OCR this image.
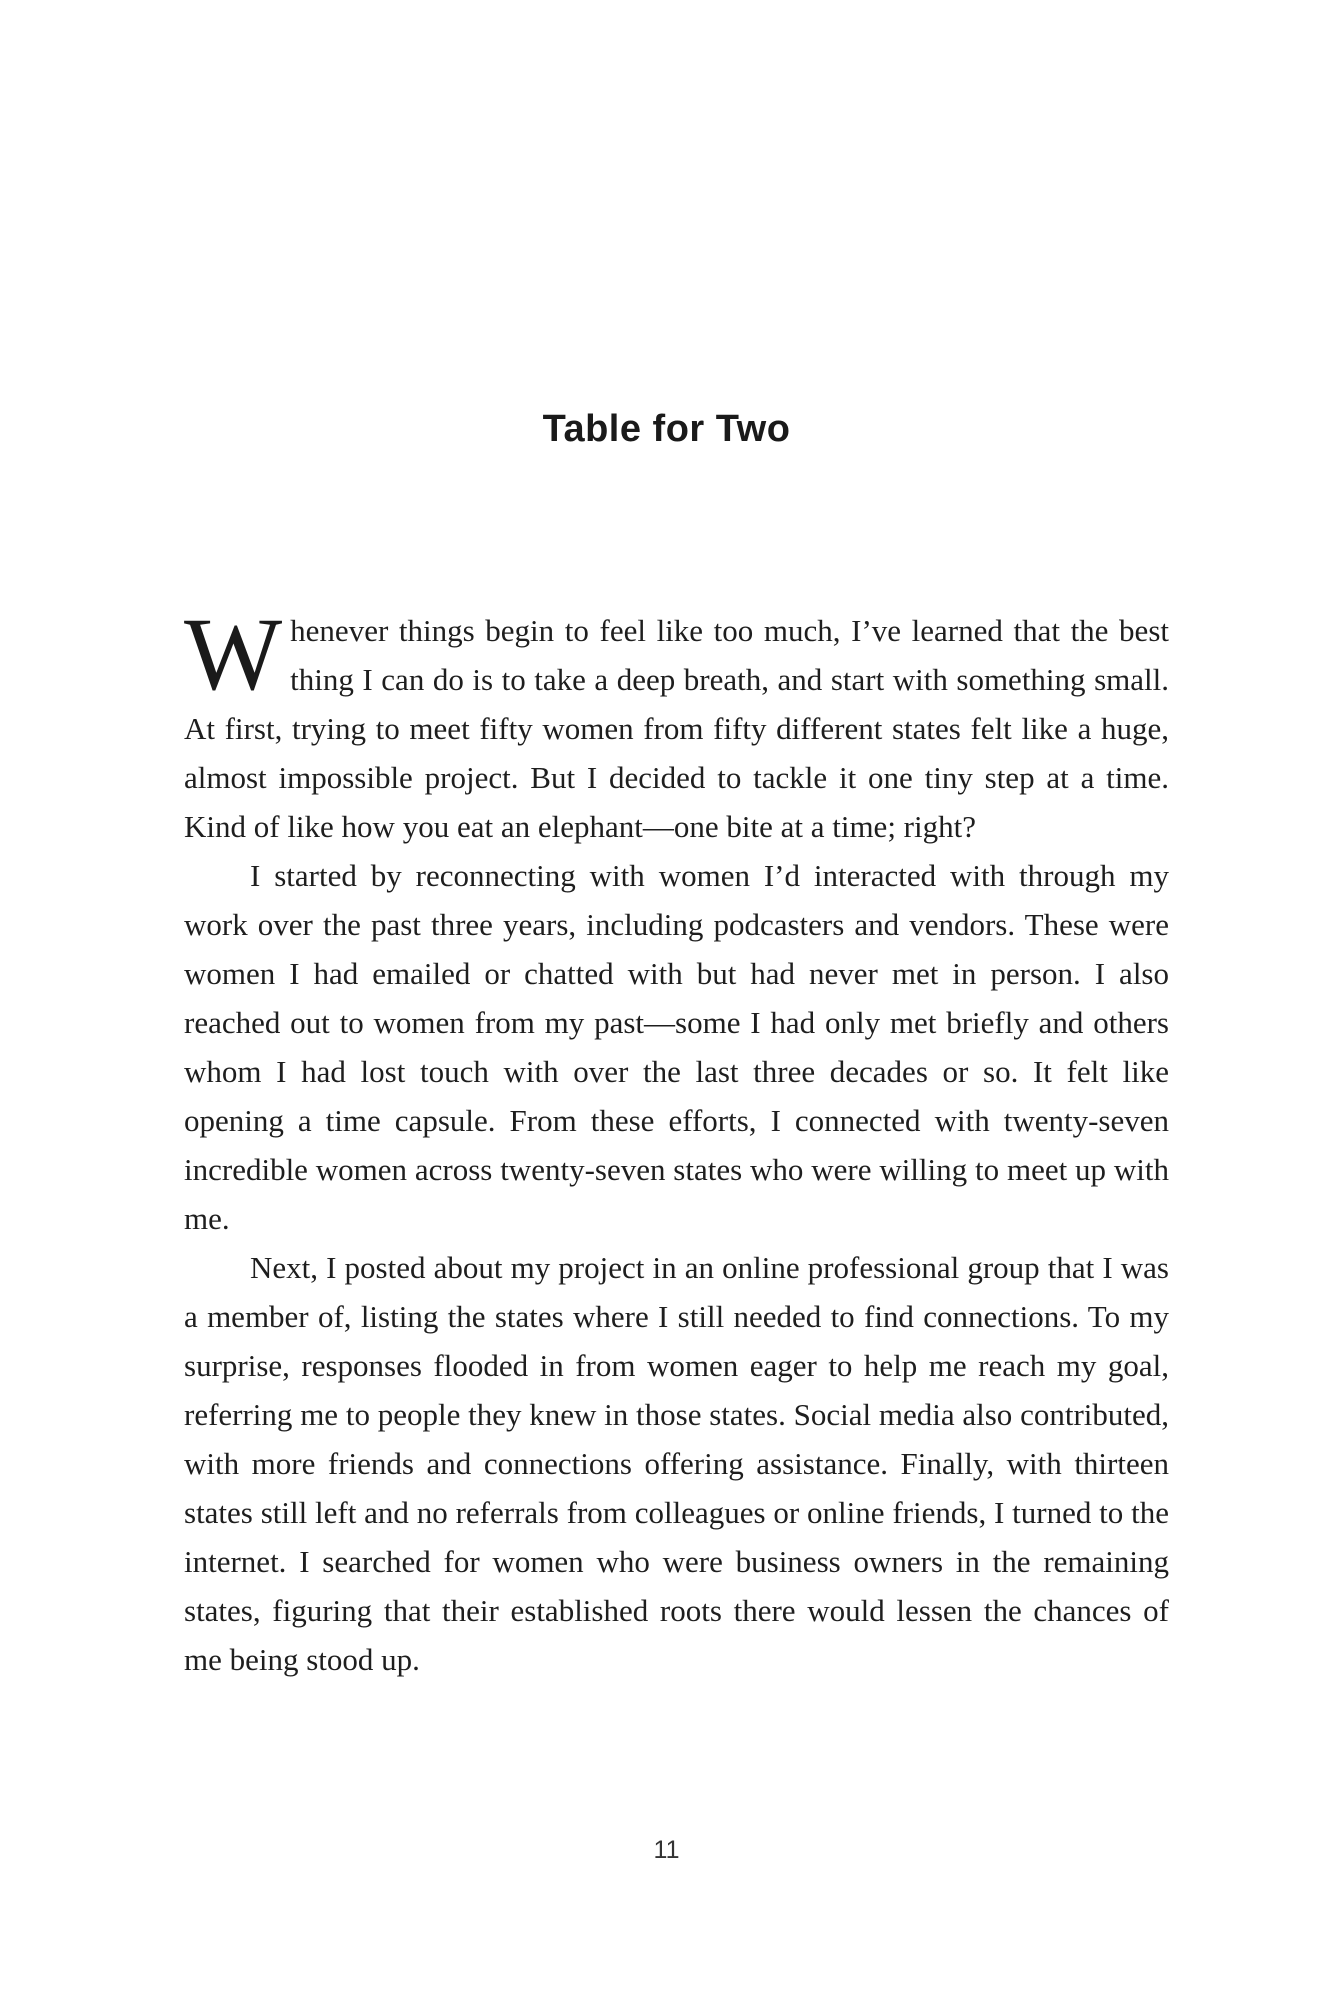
Table for Two

Whenever things begin to feel like too much, I’ve learned that the best thing I can do is to take a deep breath, and start with something small. At first, trying to meet fifty women from fifty different states felt like a huge, almost impossible project. But I decided to tackle it one tiny step at a time. Kind of like how you eat an elephant—one bite at a time; right?

I started by reconnecting with women I’d interacted with through my work over the past three years, including podcasters and vendors. These were women I had emailed or chatted with but had never met in person. I also reached out to women from my past—some I had only met briefly and others whom I had lost touch with over the last three decades or so. It felt like opening a time capsule. From these efforts, I connected with twenty-seven incredible women across twenty-seven states who were willing to meet up with me.

Next, I posted about my project in an online professional group that I was a member of, listing the states where I still needed to find connections. To my surprise, responses flooded in from women eager to help me reach my goal, referring me to people they knew in those states. Social media also contributed, with more friends and connections offering assistance. Finally, with thirteen states still left and no referrals from colleagues or online friends, I turned to the internet. I searched for women who were business owners in the remaining states, figuring that their established roots there would lessen the chances of me being stood up.

11
